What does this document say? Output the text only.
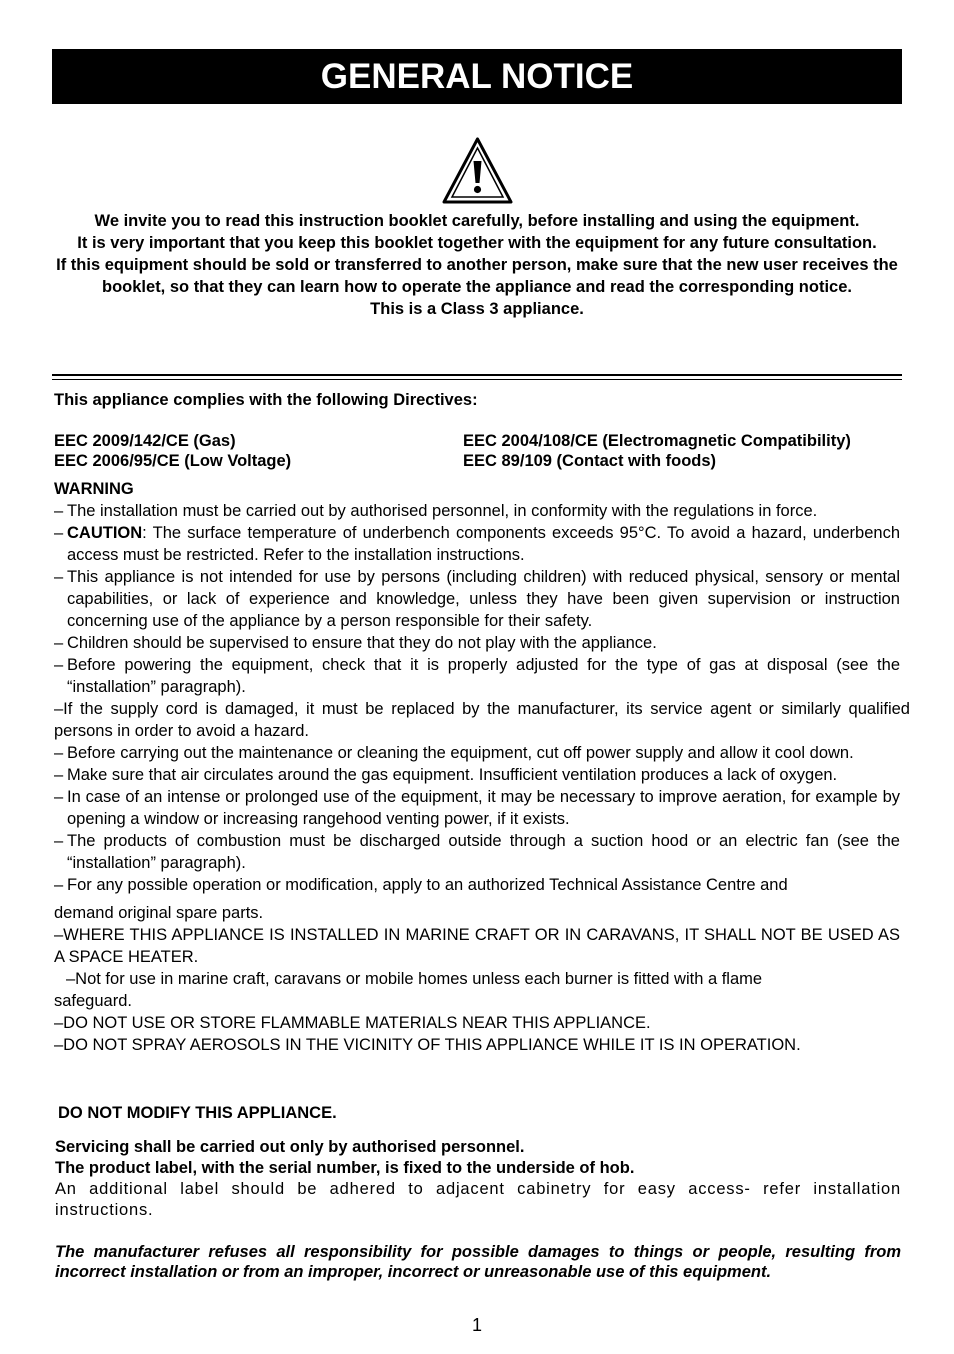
GENERAL NOTICE

We invite you to read this instruction booklet carefully, before installing and using the equipment.

It is very important that you keep this booklet together with the equipment for any future consultation.

If this equipment should be sold or transferred to another person, make sure that the new user receives the booklet, so that they can learn how to operate the appliance and read the corresponding notice.

This is a Class 3 appliance.

This appliance complies with the following Directives:
EEC 2009/142/CE (Gas)
EEC 2006/95/CE (Low Voltage)
EEC 2004/108/CE (Electromagnetic Compatibility)
EEC 89/109 (Contact with foods)
WARNING
– The installation must be carried out by authorised personnel, in conformity with the regulations in force.
– CAUTION: The surface temperature of underbench components exceeds 95°C. To avoid a hazard, underbench access must be restricted. Refer to the installation instructions.
– This appliance is not intended for use by persons (including children) with reduced physical, sensory or mental capabilities, or lack of experience and knowledge, unless they have been given supervision or instruction concerning use of the appliance by a person responsible for their safety.
– Children should be supervised to ensure that they do not play with the appliance.
– Before powering the equipment, check that it is properly adjusted for the type of gas at disposal (see the “installation” paragraph).
–If the supply cord is damaged, it must be replaced by the manufacturer, its service agent or similarly qualified persons in order to avoid a hazard.
– Before carrying out the maintenance or cleaning the equipment, cut off power supply and allow it cool down.
– Make sure that air circulates around the gas equipment. Insufficient ventilation produces a lack of oxygen.
– In case of an intense or prolonged use of the equipment, it may be necessary to improve aeration, for example by opening a window or increasing rangehood venting power, if it exists.
– The products of combustion must be discharged outside through a suction hood or an electric fan (see the “installation” paragraph).
– For any possible operation or modification, apply to an authorized Technical Assistance Centre and
demand original spare parts.
–WHERE THIS APPLIANCE IS INSTALLED IN MARINE CRAFT OR IN CARAVANS, IT SHALL NOT BE USED AS A SPACE HEATER.
–Not for use in marine craft, caravans or mobile homes unless each burner is fitted with a flame
safeguard.
–DO NOT USE OR STORE FLAMMABLE MATERIALS NEAR THIS APPLIANCE.
–DO NOT SPRAY AEROSOLS IN THE VICINITY OF THIS APPLIANCE WHILE IT IS IN OPERATION.
DO NOT MODIFY THIS APPLIANCE.
Servicing shall be carried out only by authorised personnel.
The product label, with the serial number, is fixed to the underside of hob.
An additional label should be adhered to adjacent cabinetry for easy access- refer installation instructions.
The manufacturer refuses all responsibility for possible damages to things or people, resulting from incorrect installation or from an improper, incorrect or unreasonable use of this equipment.
1
